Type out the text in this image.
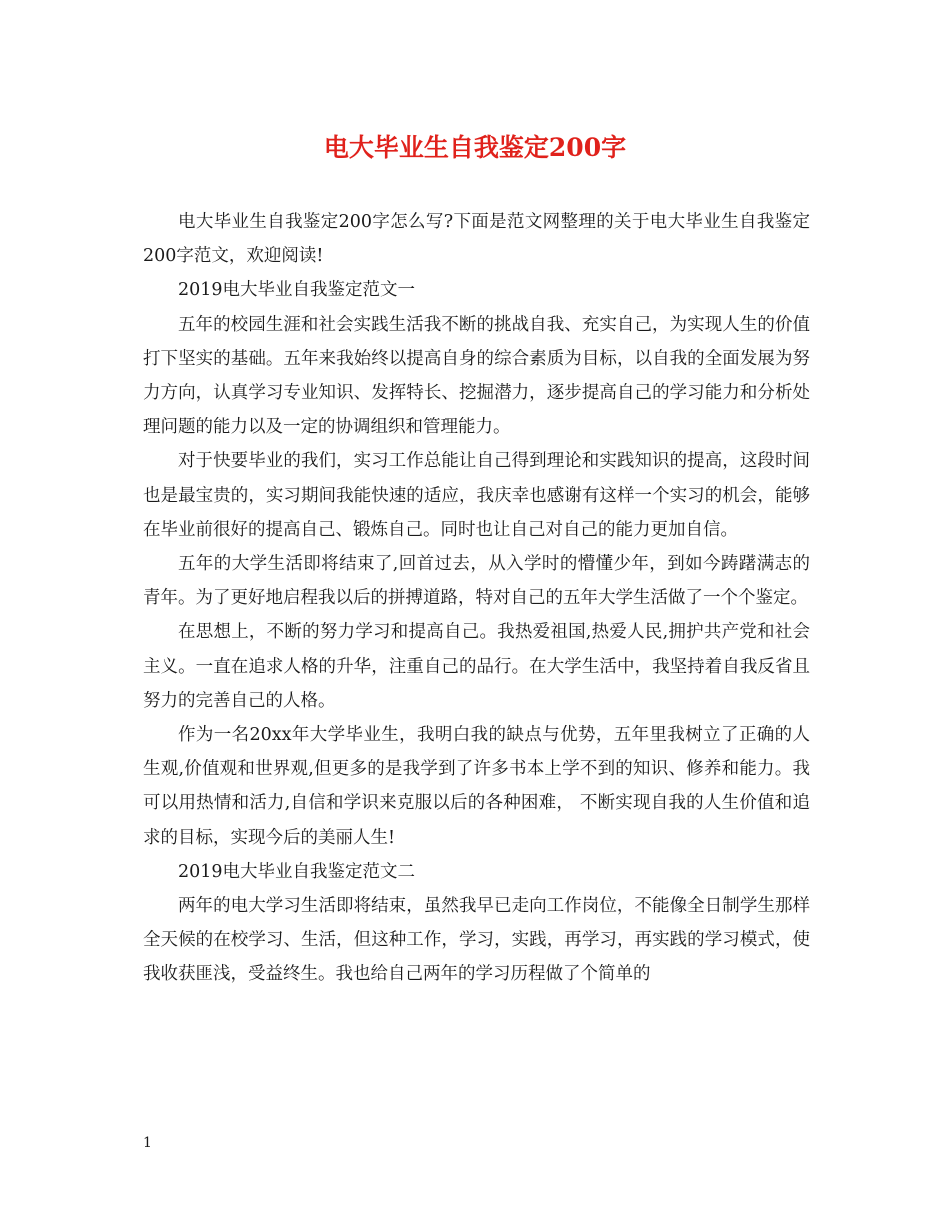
电大毕业生自我鉴定200字

电大毕业生自我鉴定200字怎么写?下面是范文网整理的关于电大毕业生自我鉴定200字范文，欢迎阅读!

2019电大毕业自我鉴定范文一

五年的校园生涯和社会实践生活我不断的挑战自我、充实自己，为实现人生的价值打下坚实的基础。五年来我始终以提高自身的综合素质为目标，以自我的全面发展为努力方向，认真学习专业知识、发挥特长、挖掘潜力，逐步提高自己的学习能力和分析处理问题的能力以及一定的协调组织和管理能力。

对于快要毕业的我们，实习工作总能让自己得到理论和实践知识的提高，这段时间也是最宝贵的，实习期间我能快速的适应，我庆幸也感谢有这样一个实习的机会，能够在毕业前很好的提高自己、锻炼自己。同时也让自己对自己的能力更加自信。

五年的大学生活即将结束了,回首过去，从入学时的懵懂少年，到如今踌躇满志的青年。为了更好地启程我以后的拼搏道路，特对自己的五年大学生活做了一个个鉴定。

在思想上，不断的努力学习和提高自己。我热爱祖国,热爱人民,拥护共产党和社会主义。一直在追求人格的升华，注重自己的品行。在大学生活中，我坚持着自我反省且努力的完善自己的人格。

作为一名20xx年大学毕业生，我明白我的缺点与优势，五年里我树立了正确的人生观,价值观和世界观,但更多的是我学到了许多书本上学不到的知识、修养和能力。我可以用热情和活力,自信和学识来克服以后的各种困难， 不断实现自我的人生价值和追求的目标，实现今后的美丽人生!

2019电大毕业自我鉴定范文二

两年的电大学习生活即将结束，虽然我早已走向工作岗位，不能像全日制学生那样全天候的在校学习、生活，但这种工作，学习，实践，再学习，再实践的学习模式，使我收获匪浅，受益终生。我也给自己两年的学习历程做了个简单的

1
